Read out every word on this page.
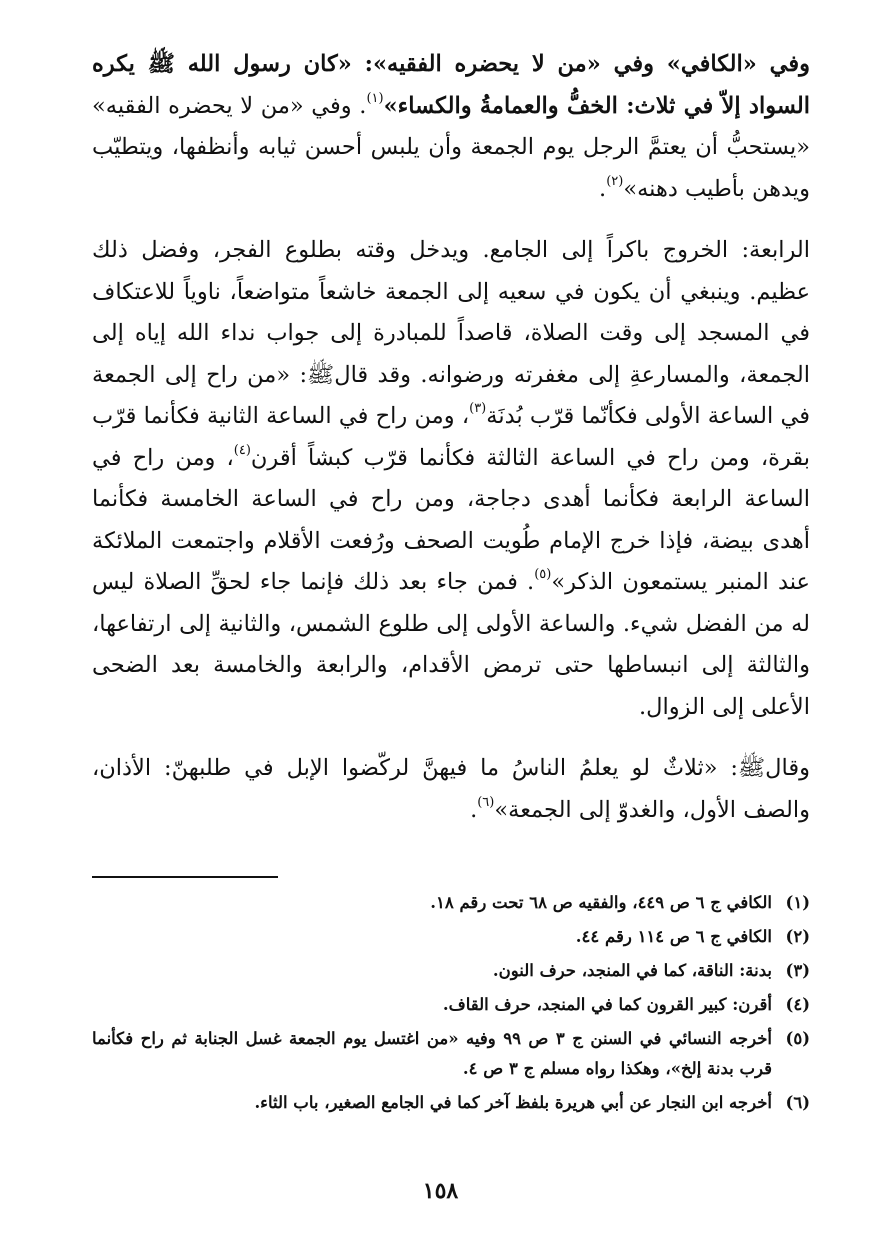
وفي «الكافي» وفي «من لا يحضره الفقيه»: «كان رسول الله ﷺ يكره السواد إلاّ في ثلاث: الخفُّ والعمامةُ والكساء»$^{(١)}$. وفي «من لا يحضره الفقيه» «يستحبُّ أن يعتمَّ الرجل يوم الجمعة وأن يلبس أحسن ثيابه وأنظفها، ويتطيّب ويدهن بأطيب دهنه»$^{(٢)}$.

الرابعة: الخروج باكراً إلى الجامع. ويدخل وقته بطلوع الفجر، وفضل ذلك عظيم. وينبغي أن يكون في سعيه إلى الجمعة خاشعاً متواضعاً، ناوياً للاعتكاف في المسجد إلى وقت الصلاة، قاصداً للمبادرة إلى جواب نداء الله إياه إلى الجمعة، والمسارعةِ إلى مغفرته ورضوانه. وقد قالﷺ: «من راح إلى الجمعة في الساعة الأولى فكأنّما قرّب بُدنَة$^{(٣)}$، ومن راح في الساعة الثانية فكأنما قرّب بقرة، ومن راح في الساعة الثالثة فكأنما قرّب كبشاً أقرن$^{(٤)}$، ومن راح في الساعة الرابعة فكأنما أهدى دجاجة، ومن راح في الساعة الخامسة فكأنما أهدى بيضة، فإذا خرج الإمام طُويت الصحف ورُفعت الأقلام واجتمعت الملائكة عند المنبر يستمعون الذكر»$^{(٥)}$. فمن جاء بعد ذلك فإنما جاء لحقِّ الصلاة ليس له من الفضل شيء. والساعة الأولى إلى طلوع الشمس، والثانية إلى ارتفاعها، والثالثة إلى انبساطها حتى ترمض الأقدام، والرابعة والخامسة بعد الضحى الأعلى إلى الزوال.

وقالﷺ: «ثلاثٌ لو يعلمُ الناسُ ما فيهنَّ لركّضوا الإبل في طلبهنّ: الأذان، والصف الأول، والغدوّ إلى الجمعة»$^{(٦)}$.

(١)
الكافي ج ٦ ص ٤٤٩، والفقيه ص ٦٨ تحت رقم ١٨.
(٢)
الكافي ج ٦ ص ١١٤ رقم ٤٤.
(٣)
بدنة: الناقة، كما في المنجد، حرف النون.
(٤)
أقرن: كبير القرون كما في المنجد، حرف القاف.
(٥)
أخرجه النسائي في السنن ج ٣ ص ٩٩ وفيه «من اغتسل يوم الجمعة غسل الجنابة ثم راح فكأنما قرب بدنة إلخ»، وهكذا رواه مسلم ج ٣ ص ٤.
(٦)
أخرجه ابن النجار عن أبي هريرة بلفظ آخر كما في الجامع الصغير، باب الثاء.
١٥٨
